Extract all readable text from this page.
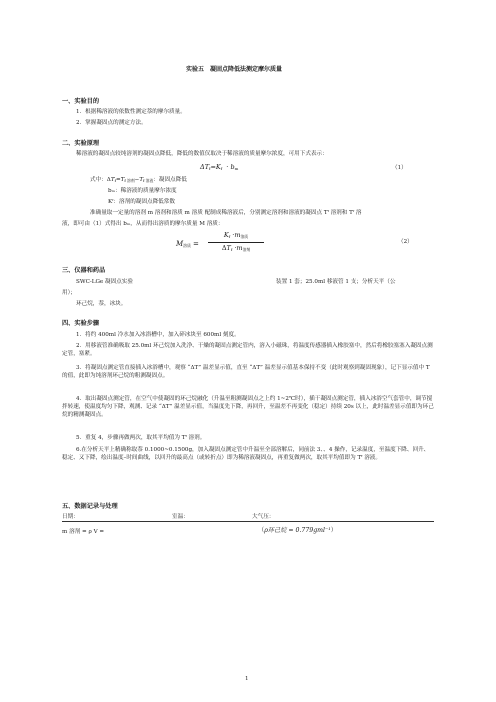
实验五　凝固点降低法测定摩尔质量
一、实验目的
1．根据稀溶液的依数性测定萘的摩尔质量。
2．掌握凝固点的测定方法。
二、实验原理
稀溶液的凝固点较纯溶剂的凝固点降低，降低的数值仅取决于稀溶液的质量摩尔浓度，可用下式表示：
$\Delta T_f=K_f \cdot b_m$	（1）
式中：$\Delta T_f=T_{f 溶剂}-T_{f 溶液}$：凝固点降低
bₘ：稀溶液的质量摩尔浓度
Kᶠ：溶剂的凝固点降低常数
准确量取一定量的溶剂 m 溶剂和溶质 m 溶质 配制成稀溶液后，分别测定溶剂和溶液的凝固点 Tᶠ 溶剂和 Tᶠ 溶
液，即可由（1）式得出 bₘ，从而得出溶质的摩尔质量 M 溶质：
$M_{溶质}$ =
$K_f \cdot m_{溶质}$
$\Delta T_f \cdot m_{溶剂}$
（2）
三、仪器和药品
SWC-LGe 凝固点实验	装置 1 套；25.0ml 移液管 1 支；分析天平（公
用）；
环己烷，萘，冰块。
四、实验步骤
1．将约 400ml 冷水加入冰浴槽中，加入碎冰块至 600ml 刻度。
2．用移液管准确吸取 25.0ml 环己烷加入洗净、干燥的凝固点测定管内，溶入小磁珠，将温度传感器插入橡胶塞中，然后将橡胶塞塞入凝固点测定管，塞紧。
3．将凝固点测定管直接插入冰浴槽中，观察 “ΔT” 温差显示值，直至 “ΔT” 温差显示值基本保持不变（此时观察到凝固现象），记下显示值中 T 的值，此即为纯溶剂环己烷的粗测凝固点。
4．取出凝固点测定管，在空气中使凝固的环己烷融化（升温至粗测凝固点之上约 1~2℃时），插干凝固点测定管，插入冰浴空气套管中，调节搅拌转速，使温度均匀下降，观测、记录 “ΔT” 温差显示值，当温度先下降，再回升，至温差不再变化（稳定）持续 20s 以上，此时温差显示值即为环己烷的精测凝固点。
5．重复 4，步骤再做两次，取其平均值为 Tᶠ 溶剂。
6.在分析天平上精确称取萘 0.1000~0.1500g，加入凝固点测定管中升温至全部溶解后，同前法 3、、4 操作，记录温度，至温度下降、回升、稳定、又下降，绘出温度–时间曲线，以回升的最高点（或转折点）即为稀溶液凝固点，再重复做两次，取其平均值即为 Tᶠ 溶液。
五、数据记录与处理
日期：	室温：	大气压：
m 溶剂 = ρ V =	（ρ环己烷 = 0.779gml⁻¹）
1
